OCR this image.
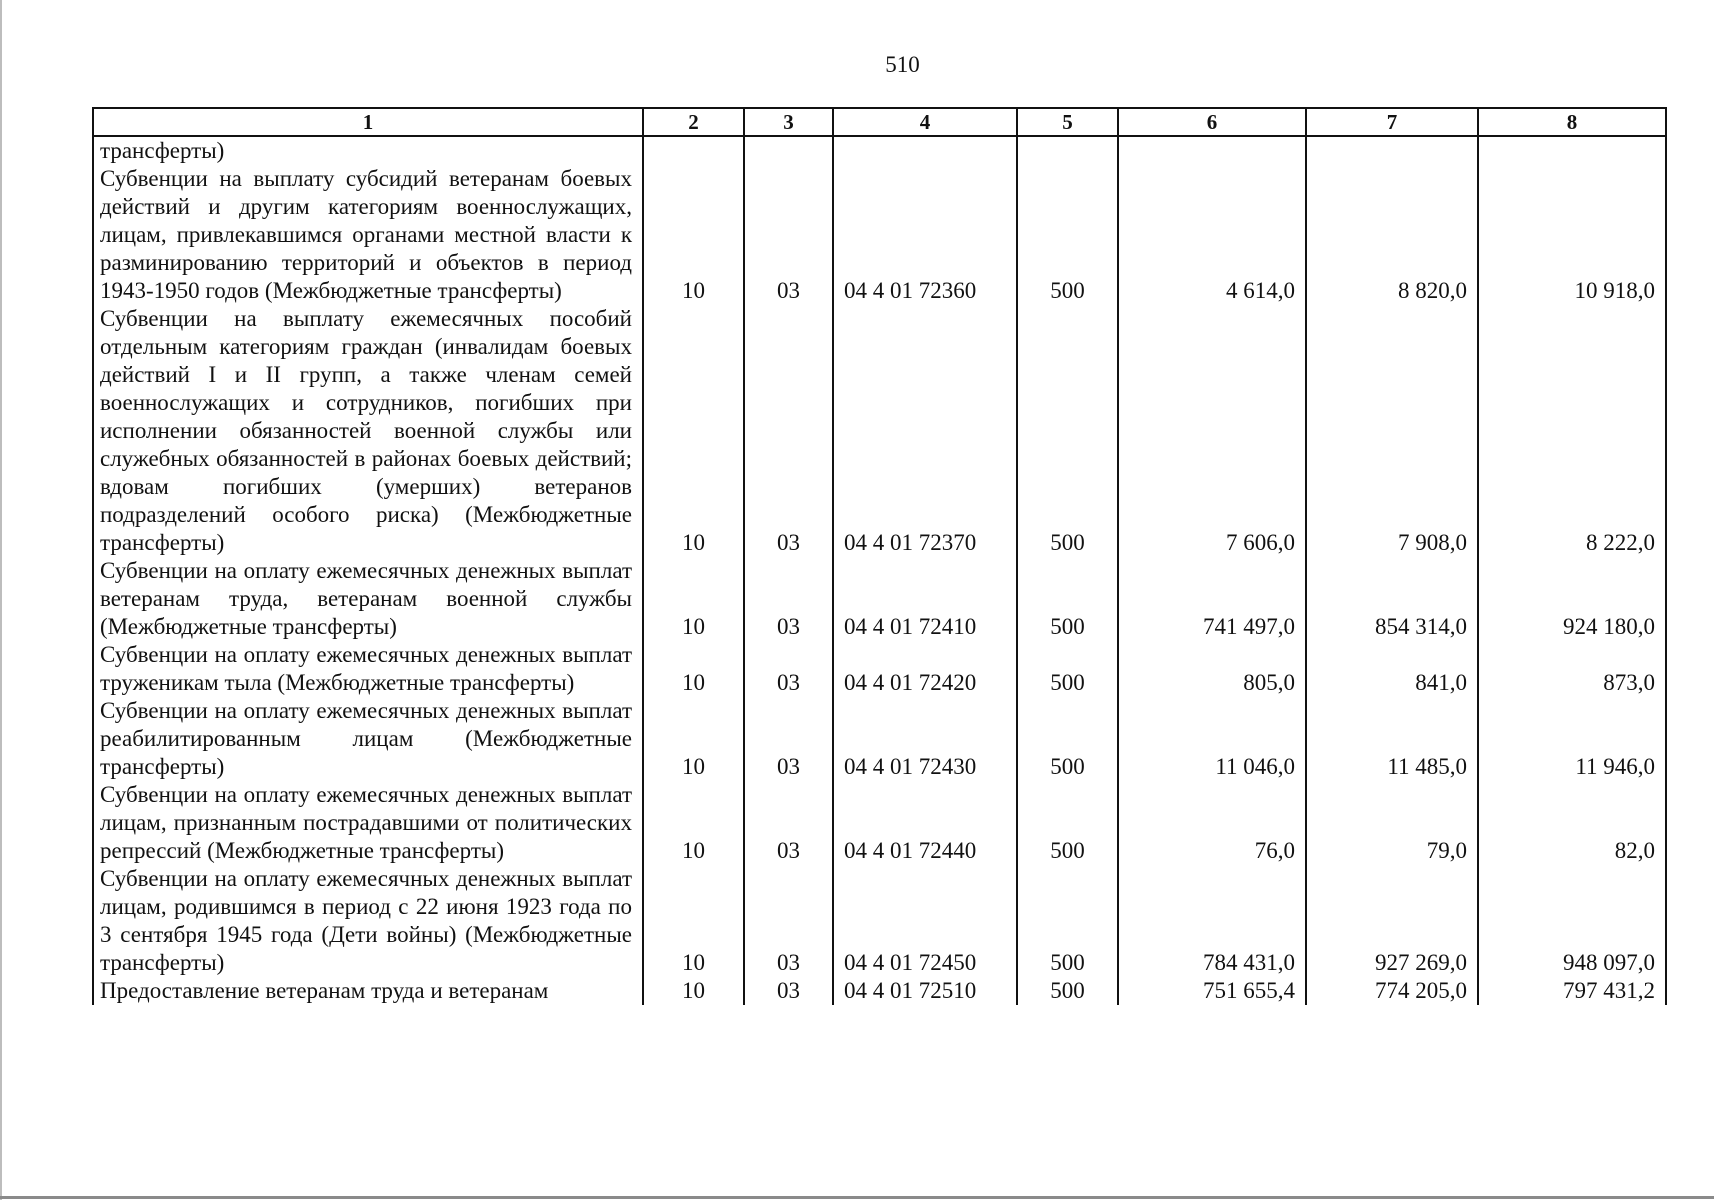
510
1	2	3	4	5	6	7	8
трансферты)							
Субвенции на выплату субсидий ветеранам боевых действий и другим категориям военнослужащих, лицам, привлекавшимся органами местной власти к разминированию территорий и объектов в период 1943-1950 годов (Межбюджетные трансферты)	10	03	04 4 01 72360	500	4 614,0	8 820,0	10 918,0
Субвенции на выплату ежемесячных пособий отдельным категориям граждан (инвалидам боевых действий I и II групп, а также членам семей военнослужащих и сотрудников, погибших при исполнении обязанностей военной службы или служебных обязанностей в районах боевых действий; вдовам погибших (умерших) ветеранов подразделений особого риска) (Межбюджетные трансферты)	10	03	04 4 01 72370	500	7 606,0	7 908,0	8 222,0
Субвенции на оплату ежемесячных денежных выплат ветеранам труда, ветеранам военной службы (Межбюджетные трансферты)	10	03	04 4 01 72410	500	741 497,0	854 314,0	924 180,0
Субвенции на оплату ежемесячных денежных выплат труженикам тыла (Межбюджетные трансферты)	10	03	04 4 01 72420	500	805,0	841,0	873,0
Субвенции на оплату ежемесячных денежных выплат реабилитированным лицам (Межбюджетные трансферты)	10	03	04 4 01 72430	500	11 046,0	11 485,0	11 946,0
Субвенции на оплату ежемесячных денежных выплат лицам, признанным пострадавшими от политических репрессий (Межбюджетные трансферты)	10	03	04 4 01 72440	500	76,0	79,0	82,0
Субвенции на оплату ежемесячных денежных выплат лицам, родившимся в период с 22 июня 1923 года по 3 сентября 1945 года (Дети войны) (Межбюджетные трансферты)	10	03	04 4 01 72450	500	784 431,0	927 269,0	948 097,0
Предоставление ветеранам труда и ветеранам	10	03	04 4 01 72510	500	751 655,4	774 205,0	797 431,2
